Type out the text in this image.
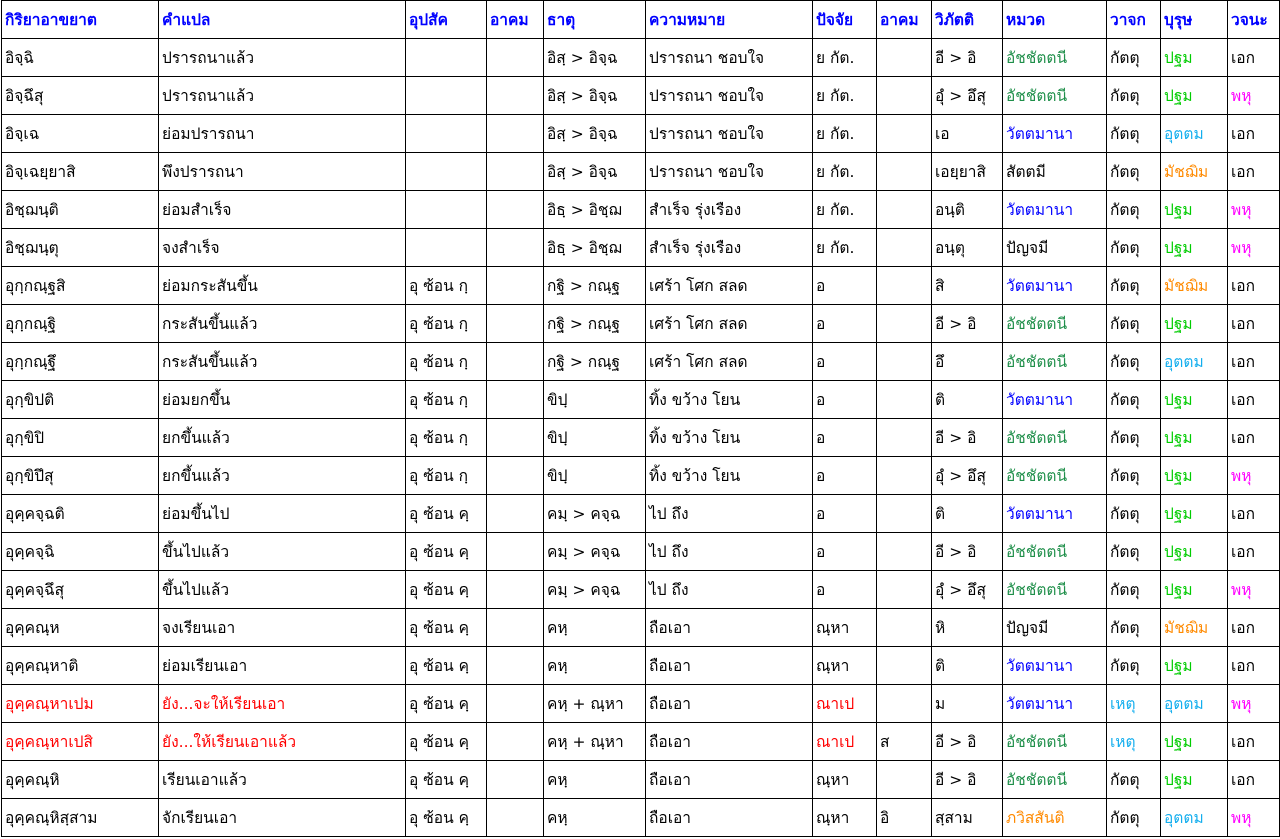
กิริยาอาขยาต	คำแปล	อุปสัค	อาคม	ธาตุ	ความหมาย	ปัจจัย	อาคม	วิภัตติ	หมวด	วาจก	บุรุษ	วจนะ
อิจฺฉิ	ปรารถนาแล้ว			อิสฺ > อิจฺฉ	ปรารถนา ชอบใจ	ย กัต.		อี > อิ	อัชชัตตนี	กัตตุ	ปฐม	เอก
อิจฺฉึสุ	ปรารถนาแล้ว			อิสฺ > อิจฺฉ	ปรารถนา ชอบใจ	ย กัต.		อุํ > อึสุ	อัชชัตตนี	กัตตุ	ปฐม	พหุ
อิจฺเฉ	ย่อมปรารถนา			อิสฺ > อิจฺฉ	ปรารถนา ชอบใจ	ย กัต.		เอ	วัตตมานา	กัตตุ	อุตตม	เอก
อิจฺเฉยฺยาสิ	พึงปรารถนา			อิสฺ > อิจฺฉ	ปรารถนา ชอบใจ	ย กัต.		เอยฺยาสิ	สัตตมี	กัตตุ	มัชฌิม	เอก
อิชฺฌนฺติ	ย่อมสำเร็จ			อิธฺ > อิชฺฌ	สำเร็จ รุ่งเรือง	ย กัต.		อนฺติ	วัตตมานา	กัตตุ	ปฐม	พหุ
อิชฺฌนฺตุ	จงสำเร็จ			อิธฺ > อิชฺฌ	สำเร็จ รุ่งเรือง	ย กัต.		อนฺตุ	ปัญจมี	กัตตุ	ปฐม	พหุ
อุกฺกณฺฐสิ	ย่อมกระสันขึ้น	อุ ซ้อน กฺ		กฐิ > กณฺฐ	เศร้า โศก สลด	อ		สิ	วัตตมานา	กัตตุ	มัชฌิม	เอก
อุกฺกณฺฐิ	กระสันขึ้นแล้ว	อุ ซ้อน กฺ		กฐิ > กณฺฐ	เศร้า โศก สลด	อ		อี > อิ	อัชชัตตนี	กัตตุ	ปฐม	เอก
อุกฺกณฺฐึ	กระสันขึ้นแล้ว	อุ ซ้อน กฺ		กฐิ > กณฺฐ	เศร้า โศก สลด	อ		อึ	อัชชัตตนี	กัตตุ	อุตตม	เอก
อุกฺขิปติ	ย่อมยกขึ้น	อุ ซ้อน กฺ		ขิปฺ	ทิ้ง ขว้าง โยน	อ		ติ	วัตตมานา	กัตตุ	ปฐม	เอก
อุกฺขิปิ	ยกขึ้นแล้ว	อุ ซ้อน กฺ		ขิปฺ	ทิ้ง ขว้าง โยน	อ		อี > อิ	อัชชัตตนี	กัตตุ	ปฐม	เอก
อุกฺขิปึสุ	ยกขึ้นแล้ว	อุ ซ้อน กฺ		ขิปฺ	ทิ้ง ขว้าง โยน	อ		อุํ > อึสุ	อัชชัตตนี	กัตตุ	ปฐม	พหุ
อุคฺคจฺฉติ	ย่อมขึ้นไป	อุ ซ้อน คฺ		คมฺ > คจฺฉ	ไป ถึง	อ		ติ	วัตตมานา	กัตตุ	ปฐม	เอก
อุคฺคจฺฉิ	ขึ้นไปแล้ว	อุ ซ้อน คฺ		คมฺ > คจฺฉ	ไป ถึง	อ		อี > อิ	อัชชัตตนี	กัตตุ	ปฐม	เอก
อุคฺคจฺฉึสุ	ขึ้นไปแล้ว	อุ ซ้อน คฺ		คมฺ > คจฺฉ	ไป ถึง	อ		อุํ > อึสุ	อัชชัตตนี	กัตตุ	ปฐม	พหุ
อุคฺคณฺห	จงเรียนเอา	อุ ซ้อน คฺ		คหฺ	ถือเอา	ณฺหา		หิ	ปัญจมี	กัตตุ	มัชฌิม	เอก
อุคฺคณฺหาติ	ย่อมเรียนเอา	อุ ซ้อน คฺ		คหฺ	ถือเอา	ณฺหา		ติ	วัตตมานา	กัตตุ	ปฐม	เอก
อุคฺคณฺหาเปม	ยัง...จะให้เรียนเอา	อุ ซ้อน คฺ		คหฺ + ณฺหา	ถือเอา	ณาเป		ม	วัตตมานา	เหตุ	อุตตม	พหุ
อุคฺคณฺหาเปสิ	ยัง...ให้เรียนเอาแล้ว	อุ ซ้อน คฺ		คหฺ + ณฺหา	ถือเอา	ณาเป	ส	อี > อิ	อัชชัตตนี	เหตุ	ปฐม	เอก
อุคฺคณฺหิ	เรียนเอาแล้ว	อุ ซ้อน คฺ		คหฺ	ถือเอา	ณฺหา		อี > อิ	อัชชัตตนี	กัตตุ	ปฐม	เอก
อุคฺคณฺหิสฺสาม	จักเรียนเอา	อุ ซ้อน คฺ		คหฺ	ถือเอา	ณฺหา	อิ	สฺสาม	ภวิสสันติ	กัตตุ	อุตตม	พหุ
